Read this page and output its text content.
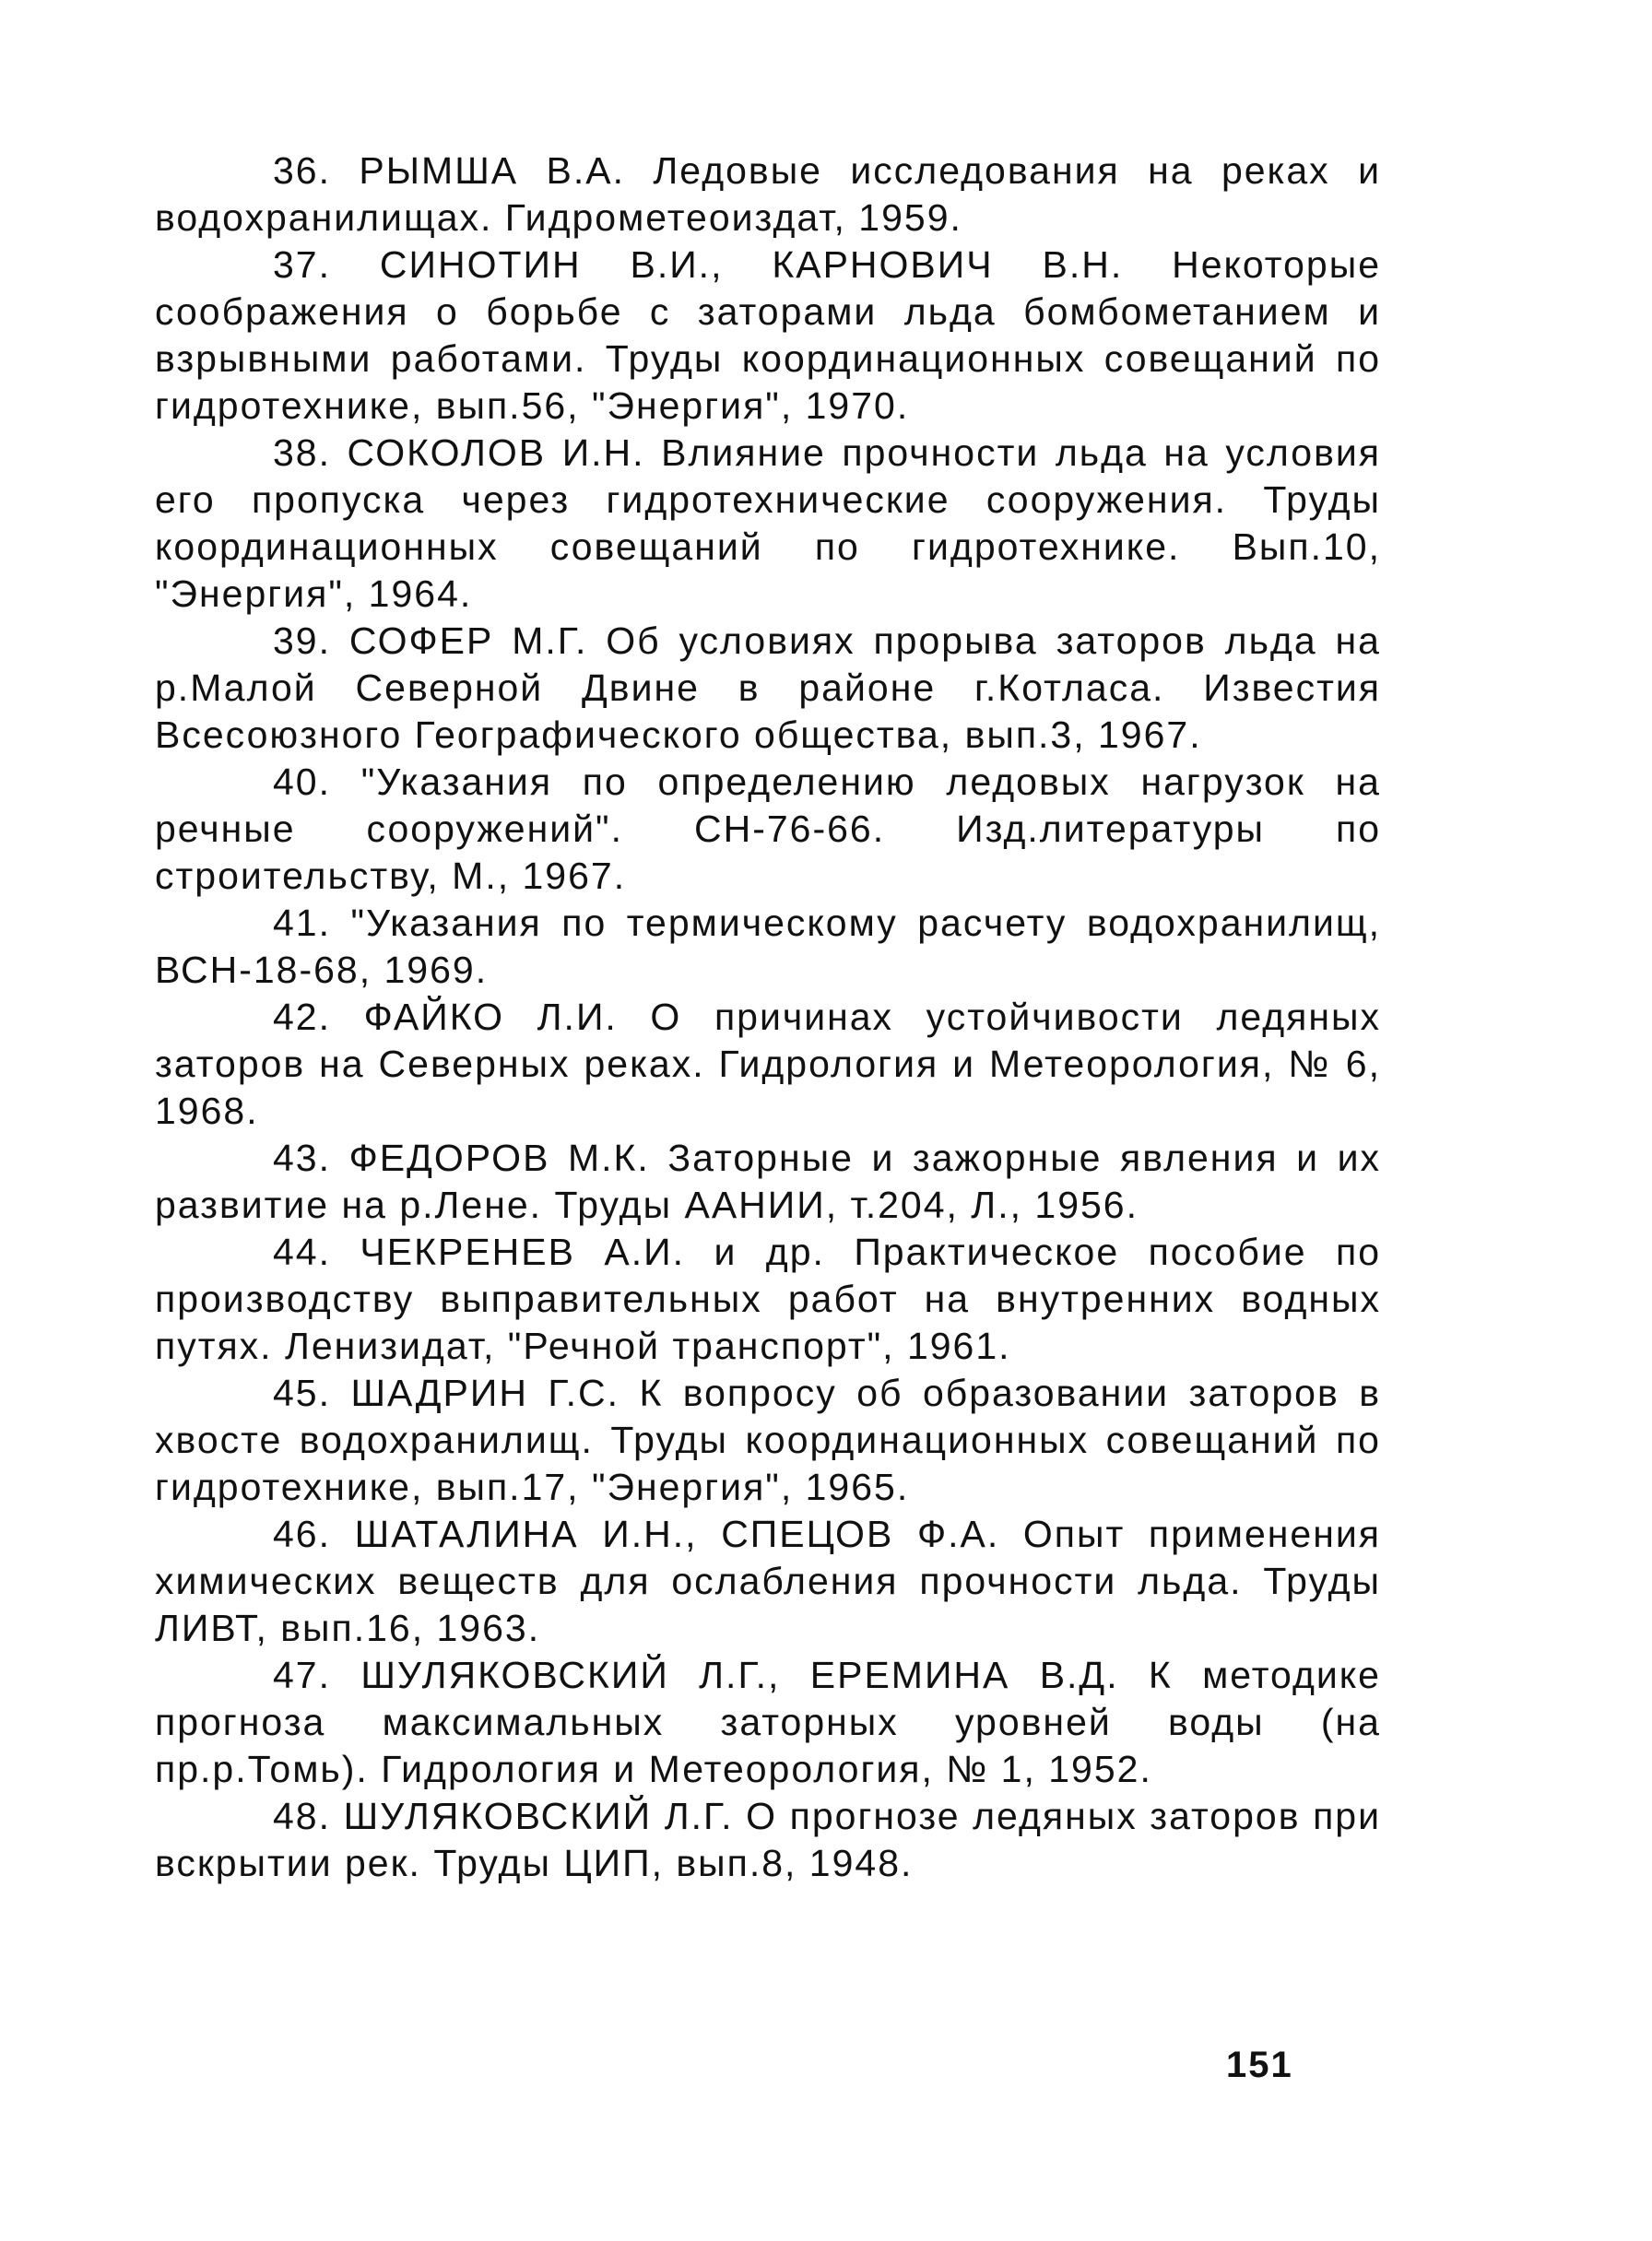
36. РЫМША В.А. Ледовые исследования на реках и водохранилищах. Гидрометеоиздат, 1959.

37. СИНОТИН В.И., КАРНОВИЧ В.Н. Некоторые соображения о борьбе с заторами льда бомбометанием и взрывными работами. Труды координационных совещаний по гидротехнике, вып.56, "Энергия", 1970.

38. СОКОЛОВ И.Н. Влияние прочности льда на условия его пропуска через гидротехнические сооружения. Труды координационных совещаний по гидротехнике. Вып.10, "Энергия", 1964.

39. СОФЕР М.Г. Об условиях прорыва заторов льда на р.Малой Северной Двине в районе г.Котласа. Известия Всесоюзного Географического общества, вып.3, 1967.

40. "Указания по определению ледовых нагрузок на речные сооружений". СН-76-66. Изд.литературы по строительству, М., 1967.

41. "Указания по термическому расчету водохранилищ, ВСН-18-68, 1969.

42. ФАЙКО Л.И. О причинах устойчивости ледяных заторов на Северных реках. Гидрология и Метеорология, № 6, 1968.

43. ФЕДОРОВ М.К. Заторные и зажорные явления и их развитие на р.Лене. Труды ААНИИ, т.204, Л., 1956.

44. ЧЕКРЕНЕВ А.И. и др. Практическое пособие по производству выправительных работ на внутренних водных путях. Ленизидат, "Речной транспорт", 1961.

45. ШАДРИН Г.С. К вопросу об образовании заторов в хвосте водохранилищ. Труды координационных совещаний по гидротехнике, вып.17, "Энергия", 1965.

46. ШАТАЛИНА И.Н., СПЕЦОВ Ф.А. Опыт применения химических веществ для ослабления прочности льда. Труды ЛИВТ, вып.16, 1963.

47. ШУЛЯКОВСКИЙ Л.Г., ЕРЕМИНА В.Д. К методике прогноза максимальных заторных уровней воды (на пр.р.Томь). Гидрология и Метеорология, № 1, 1952.

48. ШУЛЯКОВСКИЙ Л.Г. О прогнозе ледяных заторов при вскрытии рек. Труды ЦИП, вып.8, 1948.

151
